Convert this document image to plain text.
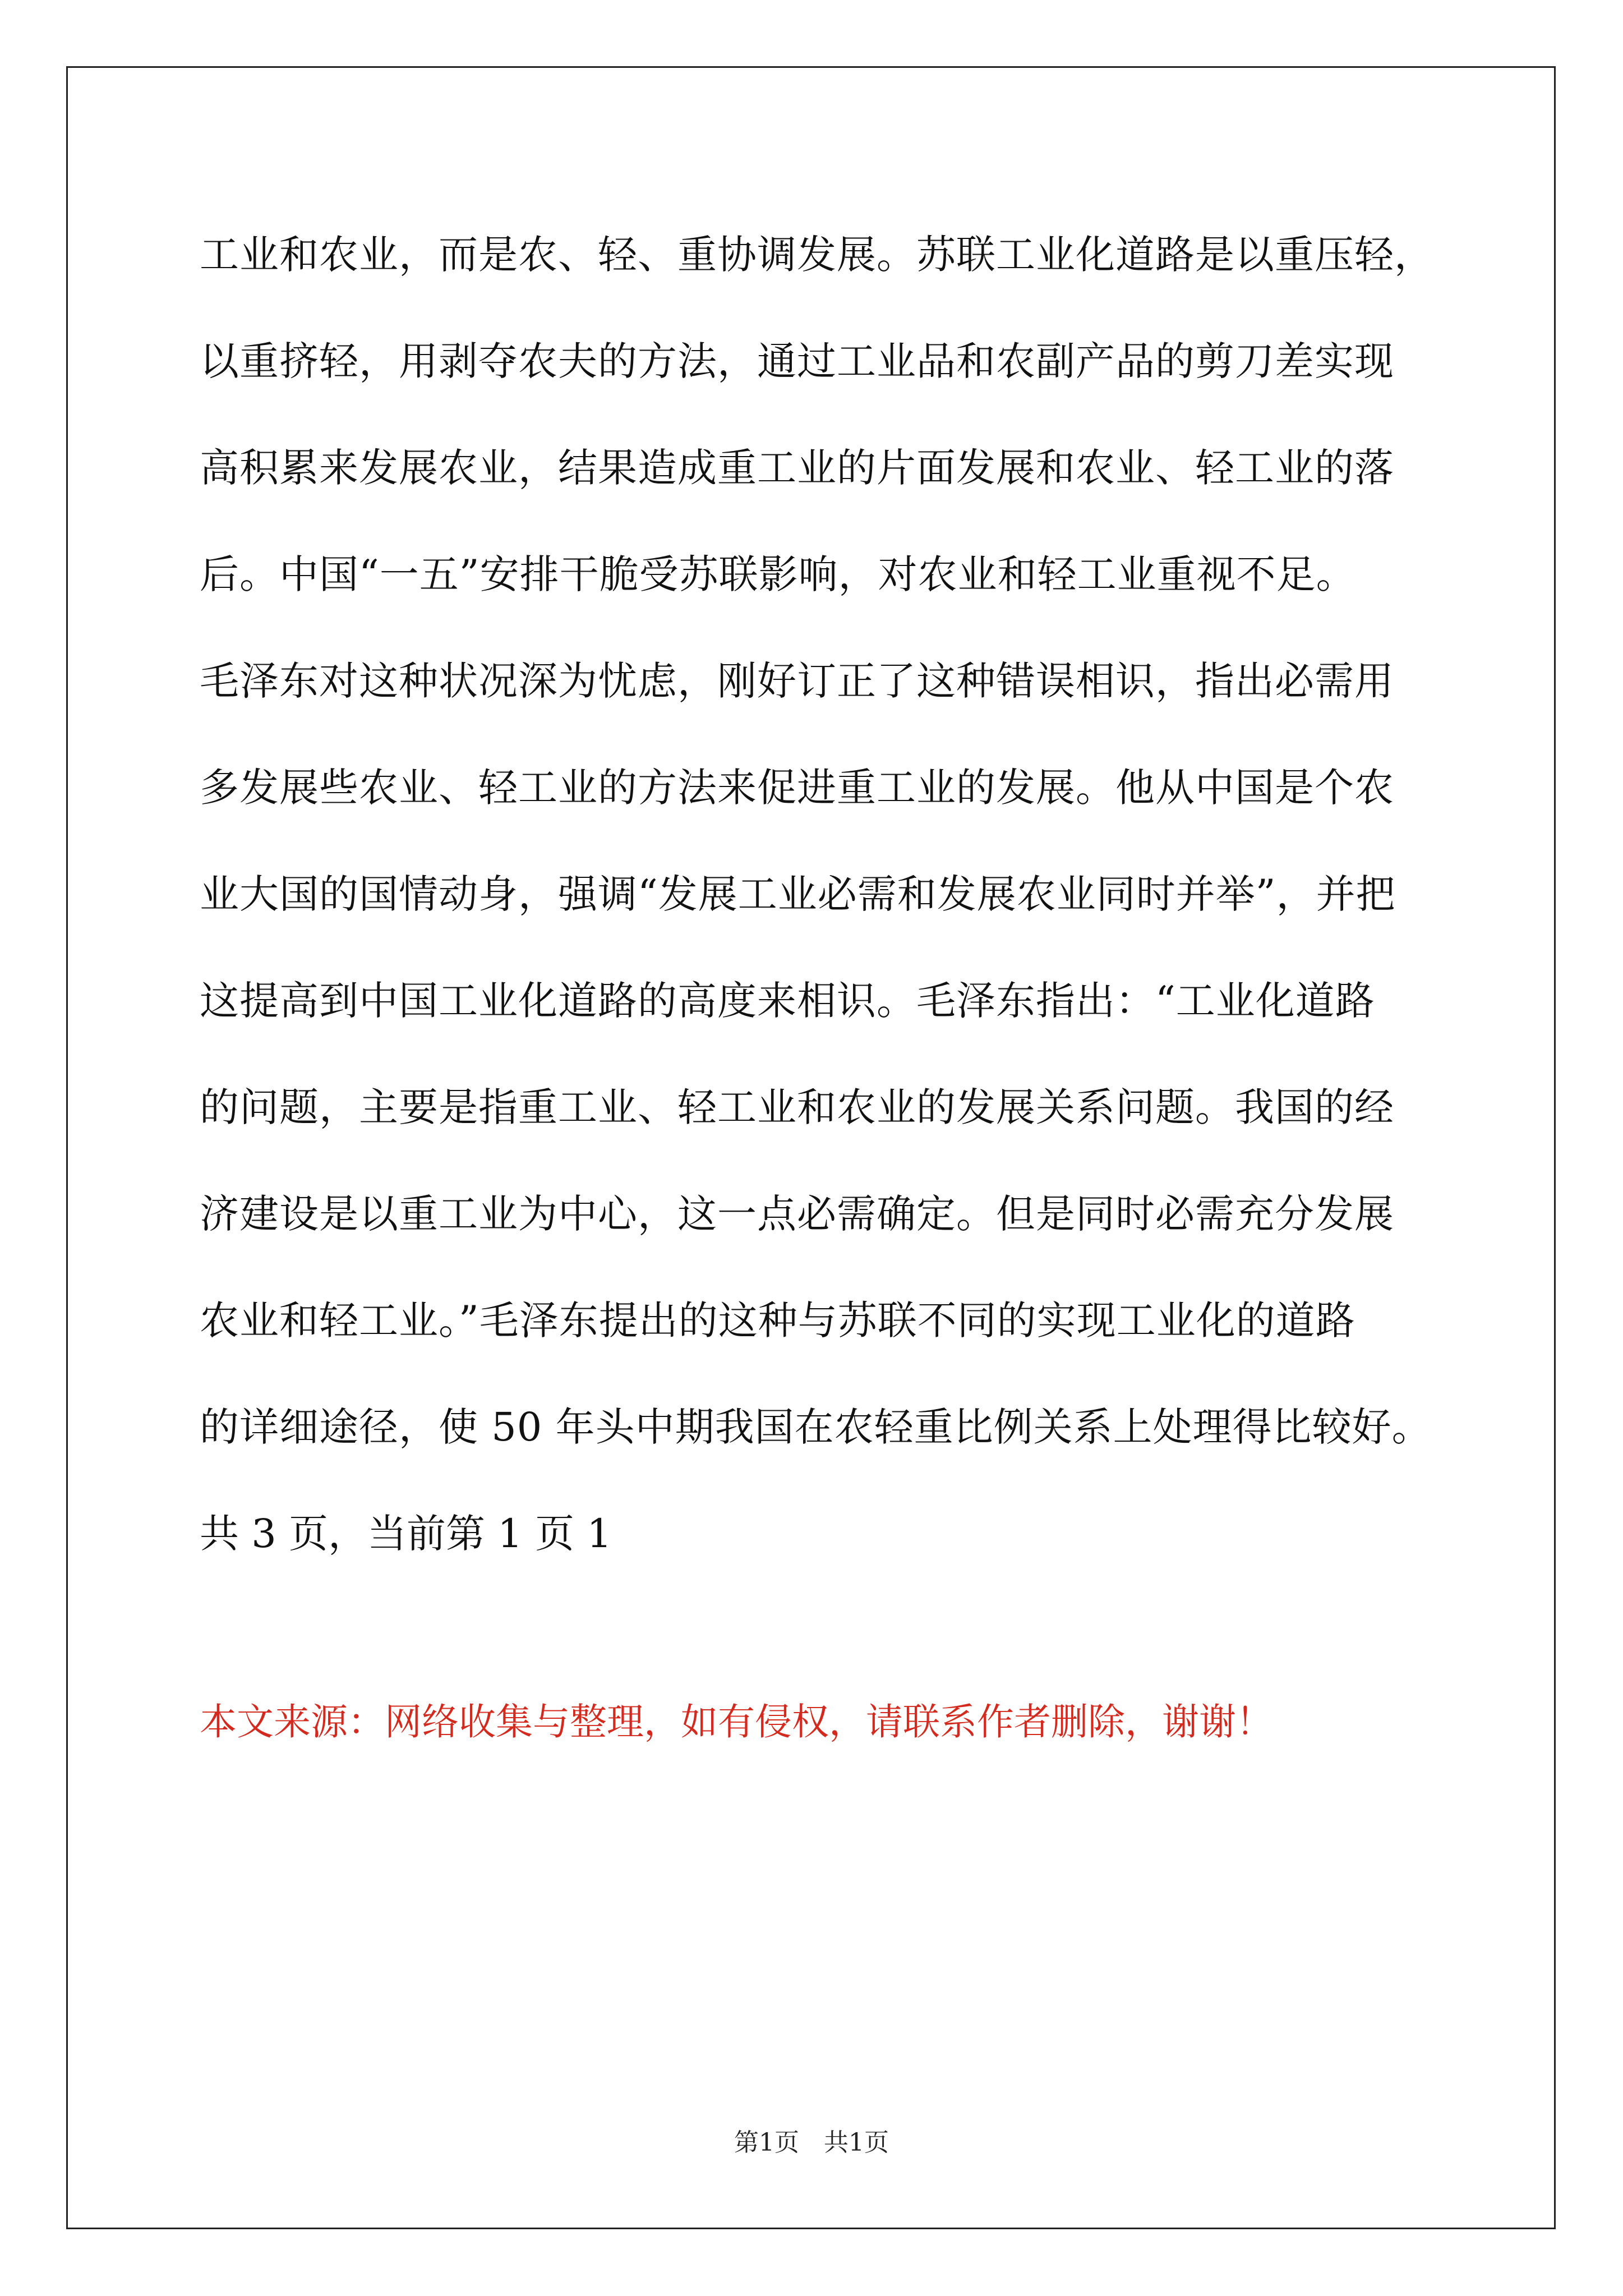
工业和农业，而是农、轻、重协调发展。苏联工业化道路是以重压轻，
以重挤轻，用剥夺农夫的方法，通过工业品和农副产品的剪刀差实现
高积累来发展农业，结果造成重工业的片面发展和农业、轻工业的落
后。中国“一五”安排干脆受苏联影响，对农业和轻工业重视不足。
毛泽东对这种状况深为忧虑，刚好订正了这种错误相识，指出必需用
多发展些农业、轻工业的方法来促进重工业的发展。他从中国是个农
业大国的国情动身，强调“发展工业必需和发展农业同时并举”，并把
这提高到中国工业化道路的高度来相识。毛泽东指出：“工业化道路
的问题，主要是指重工业、轻工业和农业的发展关系问题。我国的经
济建设是以重工业为中心，这一点必需确定。但是同时必需充分发展
农业和轻工业。”毛泽东提出的这种与苏联不同的实现工业化的道路
的详细途径，使 50 年头中期我国在农轻重比例关系上处理得比较好。
共 3 页，当前第 1 页 1
本文来源：网络收集与整理，如有侵权，请联系作者删除，谢谢！
第1页　共1页
